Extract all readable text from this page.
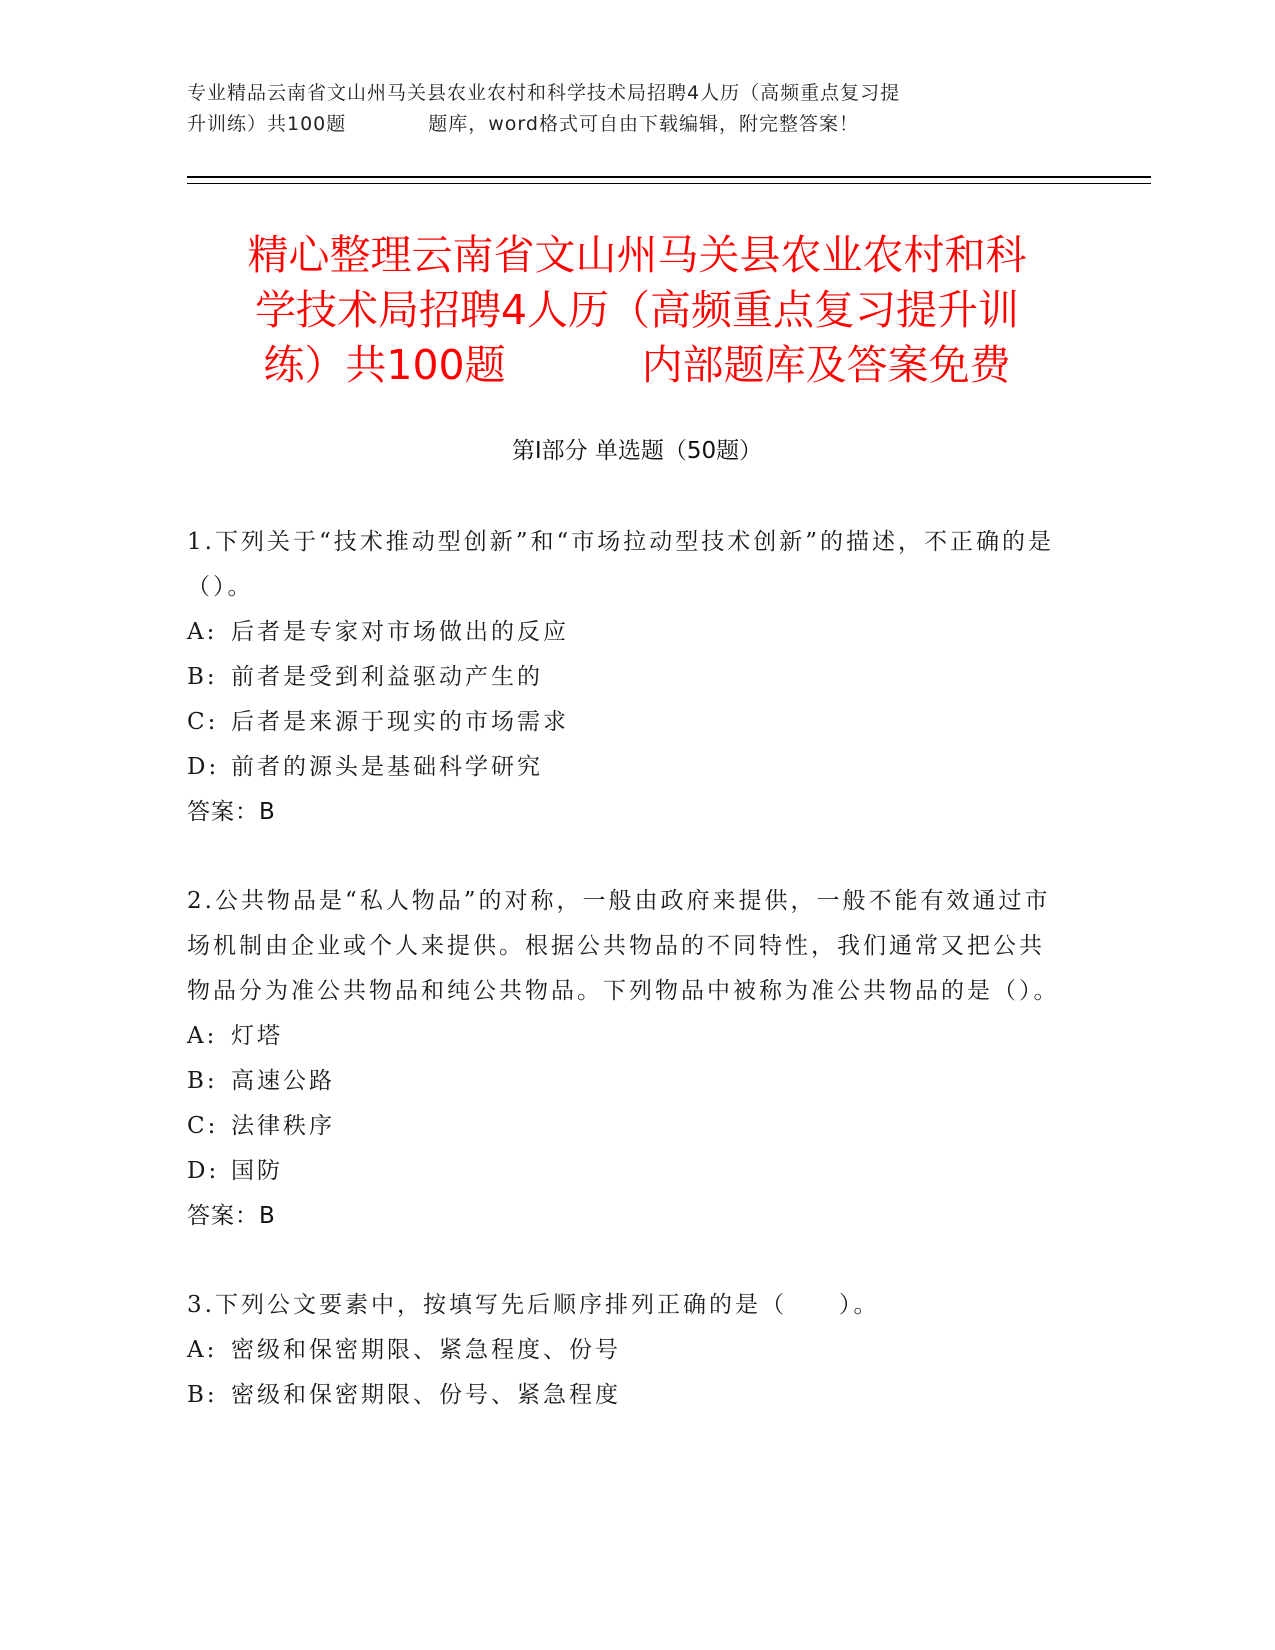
专业精品云南省文山州马关县农业农村和科学技术局招聘4人历（高频重点复习提
升训练）共100题	题库，word格式可自由下载编辑，附完整答案！
精心整理云南省文山州马关县农业农村和科
学技术局招聘4人历（高频重点复习提升训
练）共100题	内部题库及答案免费
第Ⅰ部分 单选题（50题）
1.下列关于“技术推动型创新”和“市场拉动型技术创新”的描述，不正确的是（）。
A: 后者是专家对市场做出的反应
B: 前者是受到利益驱动产生的
C: 后者是来源于现实的市场需求
D: 前者的源头是基础科学研究
答案：B
2.公共物品是“私人物品”的对称，一般由政府来提供，一般不能有效通过市场机制由企业或个人来提供。根据公共物品的不同特性，我们通常又把公共物品分为准公共物品和纯公共物品。下列物品中被称为准公共物品的是（）。
A: 灯塔
B: 高速公路
C: 法律秩序
D: 国防
答案：B
3.下列公文要素中，按填写先后顺序排列正确的是（　　）。
A: 密级和保密期限、紧急程度、份号
B: 密级和保密期限、份号、紧急程度
